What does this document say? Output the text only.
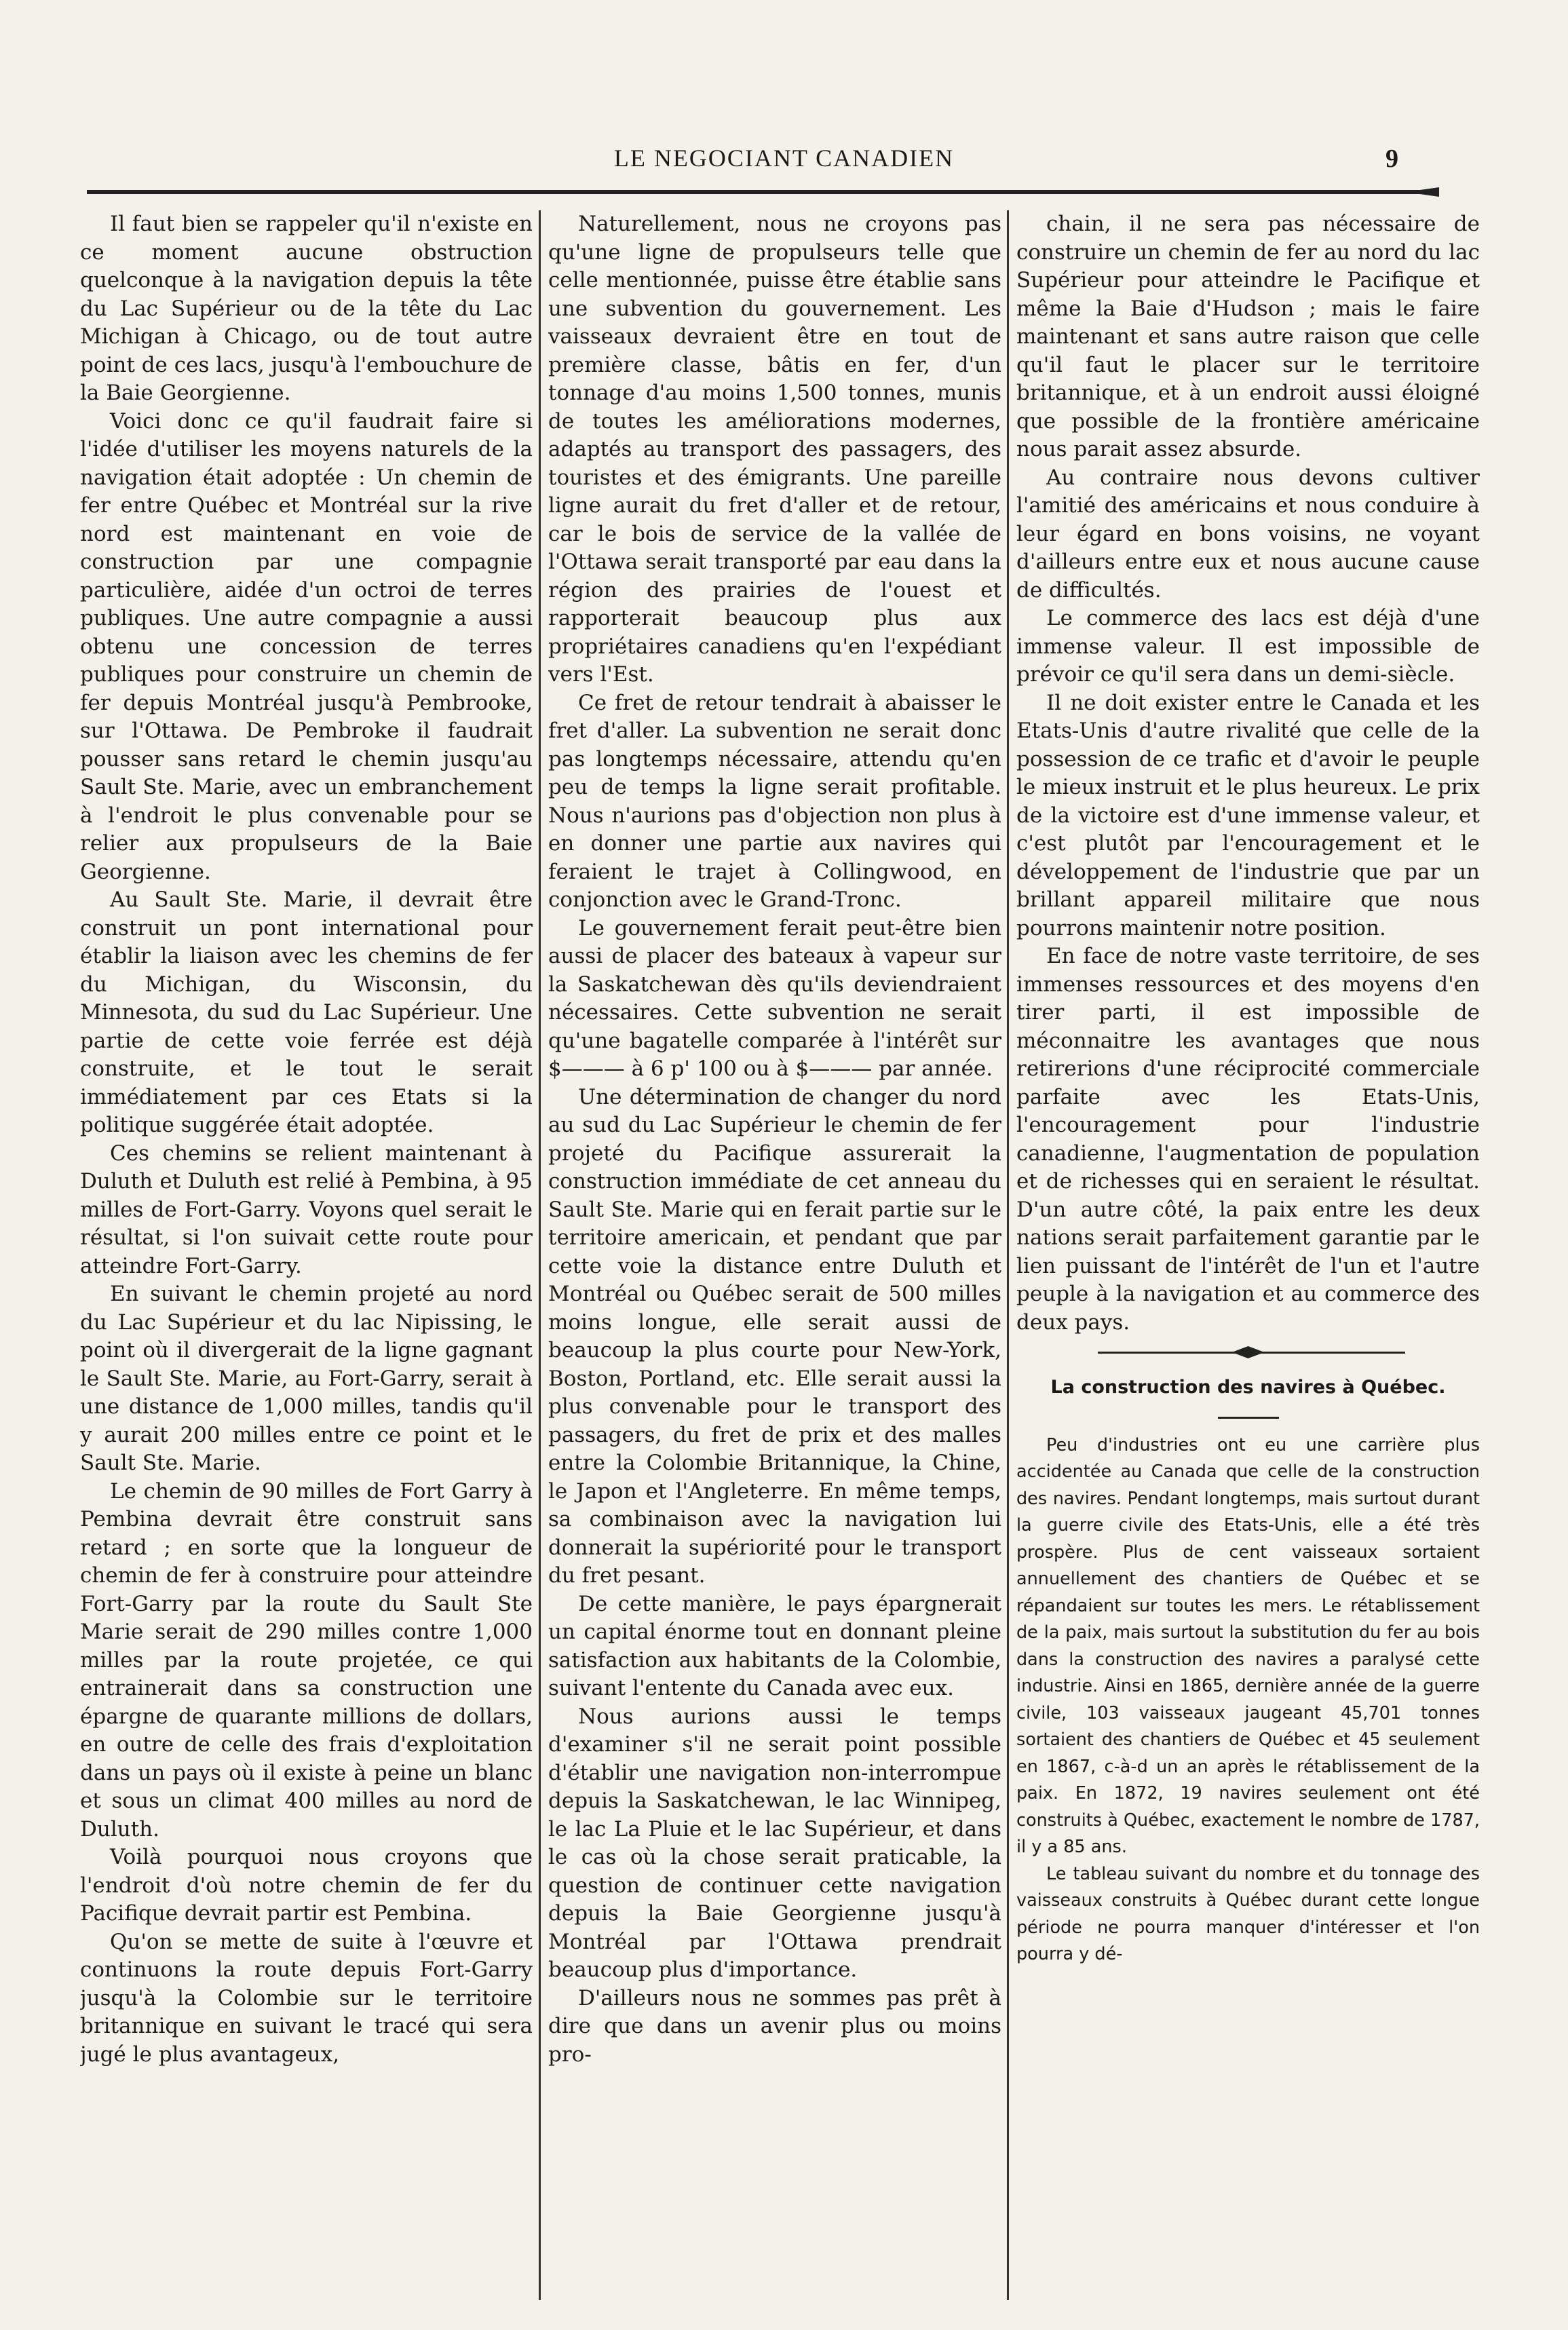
LE NEGOCIANT CANADIEN	9

Il faut bien se rappeler qu'il n'existe en ce moment aucune obstruction quelconque à la navigation depuis la tête du Lac Supérieur ou de la tête du Lac Michigan à Chicago, ou de tout autre point de ces lacs, jusqu'à l'embouchure de la Baie Georgienne.

Voici donc ce qu'il faudrait faire si l'idée d'utiliser les moyens naturels de la navigation était adoptée : Un chemin de fer entre Québec et Montréal sur la rive nord est maintenant en voie de construction par une compagnie particulière, aidée d'un octroi de terres publiques. Une autre compagnie a aussi obtenu une concession de terres publiques pour construire un chemin de fer depuis Montréal jusqu'à Pembrooke, sur l'Ottawa. De Pembroke il faudrait pousser sans retard le chemin jusqu'au Sault Ste. Marie, avec un embranchement à l'endroit le plus convenable pour se relier aux propulseurs de la Baie Georgienne.

Au Sault Ste. Marie, il devrait être construit un pont international pour établir la liaison avec les chemins de fer du Michigan, du Wisconsin, du Minnesota, du sud du Lac Supérieur. Une partie de cette voie ferrée est déjà construite, et le tout le serait immédiatement par ces Etats si la politique suggérée était adoptée.

Ces chemins se relient maintenant à Duluth et Duluth est relié à Pembina, à 95 milles de Fort-Garry. Voyons quel serait le résultat, si l'on suivait cette route pour atteindre Fort-Garry.

En suivant le chemin projeté au nord du Lac Supérieur et du lac Nipissing, le point où il divergerait de la ligne gagnant le Sault Ste. Marie, au Fort-Garry, serait à une distance de 1,000 milles, tandis qu'il y aurait 200 milles entre ce point et le Sault Ste. Marie.

Le chemin de 90 milles de Fort Garry à Pembina devrait être construit sans retard ; en sorte que la longueur de chemin de fer à construire pour atteindre Fort-Garry par la route du Sault Ste Marie serait de 290 milles contre 1,000 milles par la route projetée, ce qui entrainerait dans sa construction une épargne de quarante millions de dollars, en outre de celle des frais d'exploitation dans un pays où il existe à peine un blanc et sous un climat 400 milles au nord de Duluth.

Voilà pourquoi nous croyons que l'endroit d'où notre chemin de fer du Pacifique devrait partir est Pembina.

Qu'on se mette de suite à l'œuvre et continuons la route depuis Fort-Garry jusqu'à la Colombie sur le territoire britannique en suivant le tracé qui sera jugé le plus avantageux,

Naturellement, nous ne croyons pas qu'une ligne de propulseurs telle que celle mentionnée, puisse être établie sans une subvention du gouvernement. Les vaisseaux devraient être en tout de première classe, bâtis en fer, d'un tonnage d'au moins 1,500 tonnes, munis de toutes les améliorations modernes, adaptés au transport des passagers, des touristes et des émigrants. Une pareille ligne aurait du fret d'aller et de retour, car le bois de service de la vallée de l'Ottawa serait transporté par eau dans la région des prairies de l'ouest et rapporterait beaucoup plus aux propriétaires canadiens qu'en l'expédiant vers l'Est.

Ce fret de retour tendrait à abaisser le fret d'aller. La subvention ne serait donc pas longtemps nécessaire, attendu qu'en peu de temps la ligne serait profitable. Nous n'aurions pas d'objection non plus à en donner une partie aux navires qui feraient le trajet à Collingwood, en conjonction avec le Grand-Tronc.

Le gouvernement ferait peut-être bien aussi de placer des bateaux à vapeur sur la Saskatchewan dès qu'ils deviendraient nécessaires. Cette subvention ne serait qu'une bagatelle comparée à l'intérêt sur $——— à 6 p' 100 ou à $——— par année.

Une détermination de changer du nord au sud du Lac Supérieur le chemin de fer projeté du Pacifique assurerait la construction immédiate de cet anneau du Sault Ste. Marie qui en ferait partie sur le territoire americain, et pendant que par cette voie la distance entre Duluth et Montréal ou Québec serait de 500 milles moins longue, elle serait aussi de beaucoup la plus courte pour New-York, Boston, Portland, etc. Elle serait aussi la plus convenable pour le transport des passagers, du fret de prix et des malles entre la Colombie Britannique, la Chine, le Japon et l'Angleterre. En même temps, sa combinaison avec la navigation lui donnerait la supériorité pour le transport du fret pesant.

De cette manière, le pays épargnerait un capital énorme tout en donnant pleine satisfaction aux habitants de la Colombie, suivant l'entente du Canada avec eux.

Nous aurions aussi le temps d'examiner s'il ne serait point possible d'établir une navigation non-interrompue depuis la Saskatchewan, le lac Winnipeg, le lac La Pluie et le lac Supérieur, et dans le cas où la chose serait praticable, la question de continuer cette navigation depuis la Baie Georgienne jusqu'à Montréal par l'Ottawa prendrait beaucoup plus d'importance.

D'ailleurs nous ne sommes pas prêt à dire que dans un avenir plus ou moins pro-

chain, il ne sera pas nécessaire de construire un chemin de fer au nord du lac Supérieur pour atteindre le Pacifique et même la Baie d'Hudson ; mais le faire maintenant et sans autre raison que celle qu'il faut le placer sur le territoire britannique, et à un endroit aussi éloigné que possible de la frontière américaine nous parait assez absurde.

Au contraire nous devons cultiver l'amitié des américains et nous conduire à leur égard en bons voisins, ne voyant d'ailleurs entre eux et nous aucune cause de difficultés.

Le commerce des lacs est déjà d'une immense valeur. Il est impossible de prévoir ce qu'il sera dans un demi-siècle.

Il ne doit exister entre le Canada et les Etats-Unis d'autre rivalité que celle de la possession de ce trafic et d'avoir le peuple le mieux instruit et le plus heureux. Le prix de la victoire est d'une immense valeur, et c'est plutôt par l'encouragement et le développement de l'industrie que par un brillant appareil militaire que nous pourrons maintenir notre position.

En face de notre vaste territoire, de ses immenses ressources et des moyens d'en tirer parti, il est impossible de méconnaitre les avantages que nous retirerions d'une réciprocité commerciale parfaite avec les Etats-Unis, l'encouragement pour l'industrie canadienne, l'augmentation de population et de richesses qui en seraient le résultat. D'un autre côté, la paix entre les deux nations serait parfaitement garantie par le lien puissant de l'intérêt de l'un et l'autre peuple à la navigation et au commerce des deux pays.

La construction des navires à Québec.

Peu d'industries ont eu une carrière plus accidentée au Canada que celle de la construction des navires. Pendant longtemps, mais surtout durant la guerre civile des Etats-Unis, elle a été très prospère. Plus de cent vaisseaux sortaient annuellement des chantiers de Québec et se répandaient sur toutes les mers. Le rétablissement de la paix, mais surtout la substitution du fer au bois dans la construction des navires a paralysé cette industrie. Ainsi en 1865, dernière année de la guerre civile, 103 vaisseaux jaugeant 45,701 tonnes sortaient des chantiers de Québec et 45 seulement en 1867, c-à-d un an après le rétablissement de la paix. En 1872, 19 navires seulement ont été construits à Québec, exactement le nombre de 1787, il y a 85 ans.

Le tableau suivant du nombre et du tonnage des vaisseaux construits à Québec durant cette longue période ne pourra manquer d'intéresser et l'on pourra y dé-
